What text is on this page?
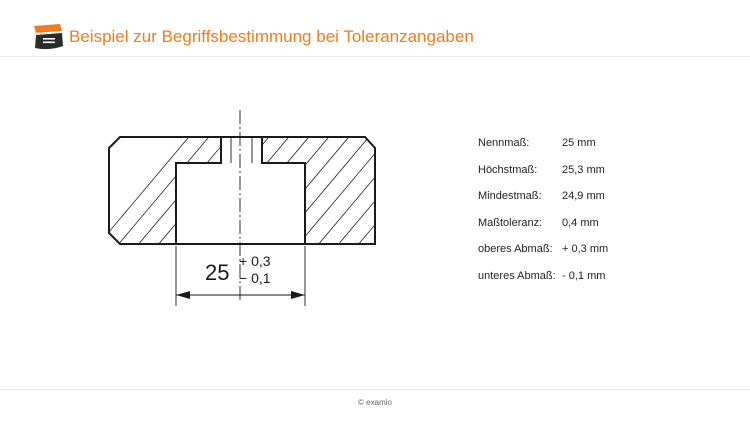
Beispiel zur Begriffsbestimmung bei Toleranzangaben
25 + 0,3
− 0,1
Nennmaß:	25 mm
Höchstmaß: 25,3 mm
Mindestmaß: 24,9 mm
Maßtoleranz: 0,4 mm
oberes Abmaß: + 0,3 mm
unteres Abmaß: - 0,1 mm
© examio
